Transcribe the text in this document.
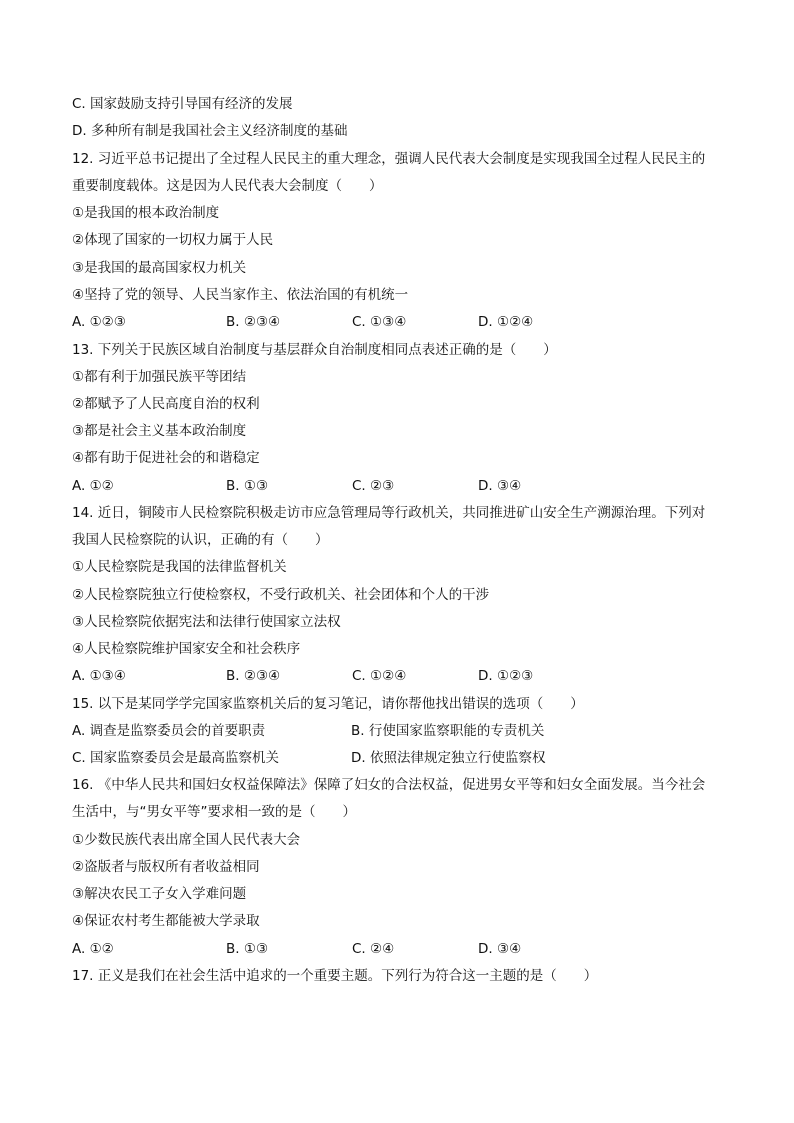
C. 国家鼓励支持引导国有经济的发展
D. 多种所有制是我国社会主义经济制度的基础
12. 习近平总书记提出了全过程人民民主的重大理念，强调人民代表大会制度是实现我国全过程人民民主的
重要制度载体。这是因为人民代表大会制度（　　）
①是我国的根本政治制度
②体现了国家的一切权力属于人民
③是我国的最高国家权力机关
④坚持了党的领导、人民当家作主、依法治国的有机统一
A. ①②③	B. ②③④	C. ①③④	D. ①②④
13. 下列关于民族区域自治制度与基层群众自治制度相同点表述正确的是（　　）
①都有利于加强民族平等团结
②都赋予了人民高度自治的权利
③都是社会主义基本政治制度
④都有助于促进社会的和谐稳定
A. ①②	B. ①③	C. ②③	D. ③④
14. 近日，铜陵市人民检察院积极走访市应急管理局等行政机关，共同推进矿山安全生产溯源治理。下列对
我国人民检察院的认识，正确的有（　　）
①人民检察院是我国的法律监督机关
②人民检察院独立行使检察权，不受行政机关、社会团体和个人的干涉
③人民检察院依据宪法和法律行使国家立法权
④人民检察院维护国家安全和社会秩序
A. ①③④	B. ②③④	C. ①②④	D. ①②③
15. 以下是某同学学完国家监察机关后的复习笔记，请你帮他找出错误的选项（　　）
A. 调查是监察委员会的首要职责	B. 行使国家监察职能的专责机关
C. 国家监察委员会是最高监察机关	D. 依照法律规定独立行使监察权
16. 《中华人民共和国妇女权益保障法》保障了妇女的合法权益，促进男女平等和妇女全面发展。当今社会
生活中，与“男女平等”要求相一致的是（　　）
①少数民族代表出席全国人民代表大会
②盗版者与版权所有者收益相同
③解决农民工子女入学难问题
④保证农村考生都能被大学录取
A. ①②	B. ①③	C. ②④	D. ③④
17. 正义是我们在社会生活中追求的一个重要主题。下列行为符合这一主题的是（　　）
